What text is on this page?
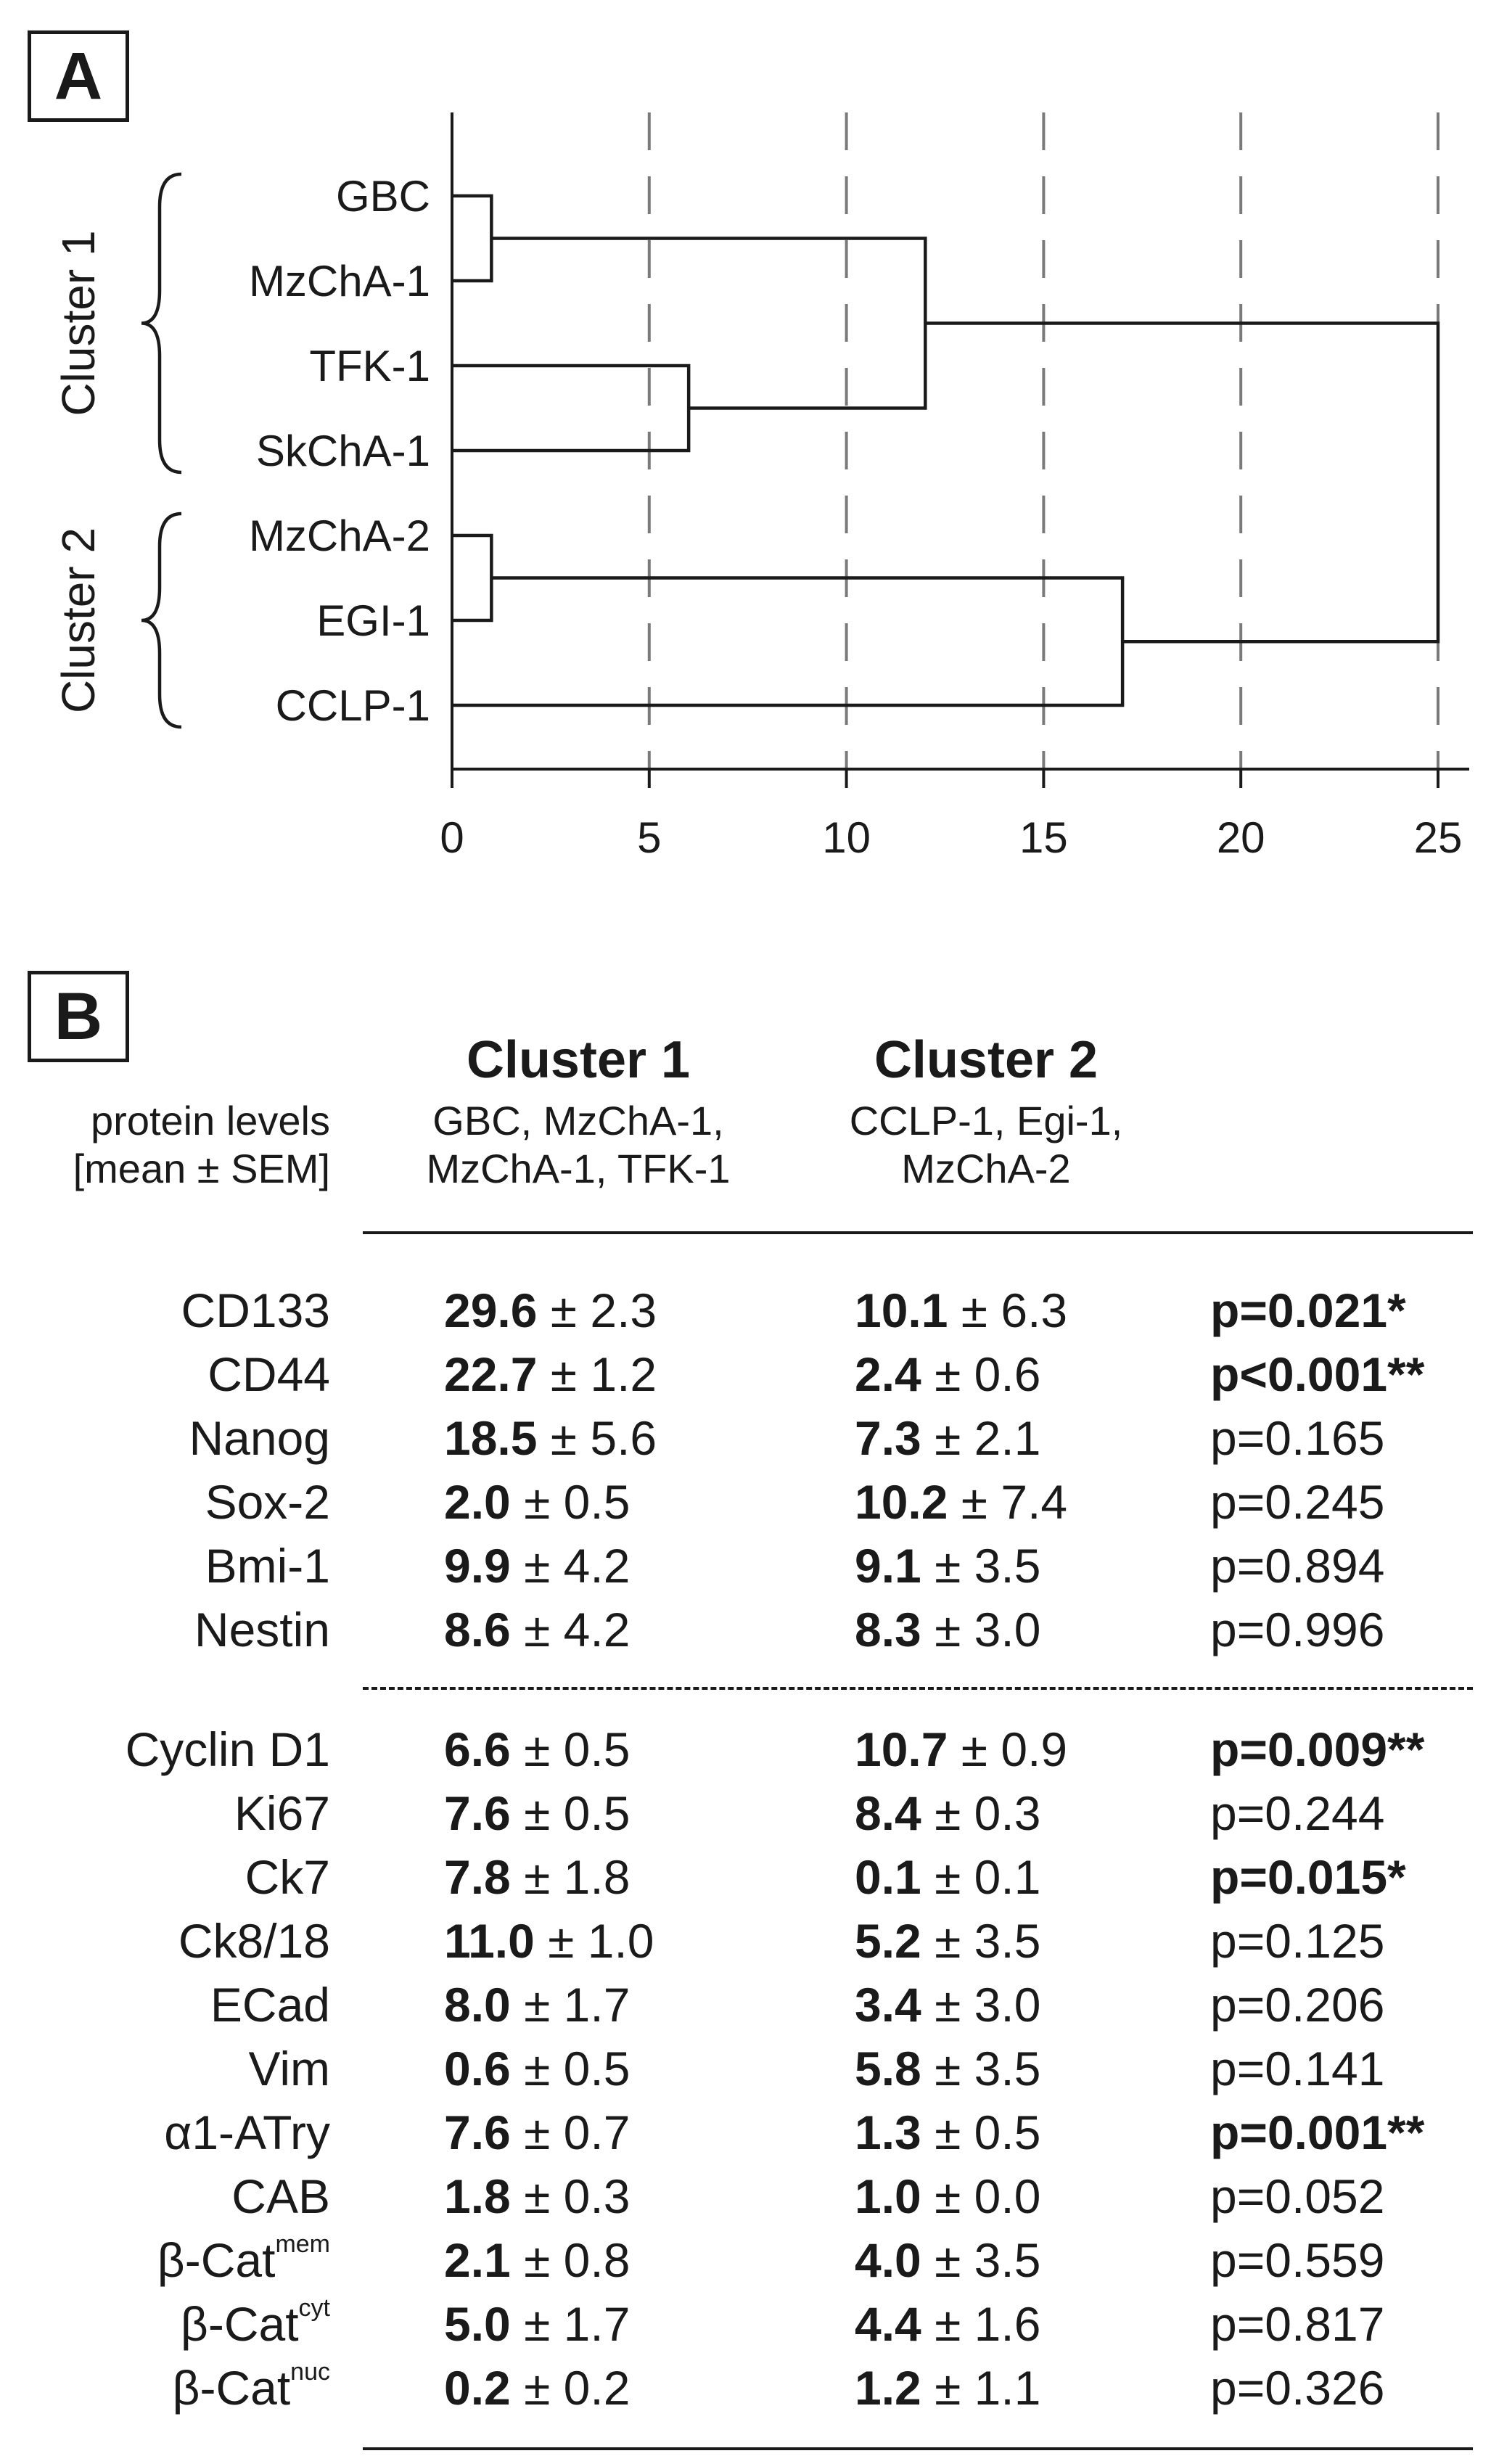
A
0	5	10	15	20	25
GBC
MzChA-1
TFK-1
SkChA-1
MzChA-2
EGI-1
CCLP-1
Cluster 1
Cluster 2
B
Cluster 1	Cluster 2
protein levels
[mean ± SEM]
GBC, MzChA-1,
MzChA-1, TFK-1
CCLP-1, Egi-1,
MzChA-2
CD133 29.6 ± 2.3	10.1 ± 6.3	p=0.021*
CD44 22.7 ± 1.2	2.4 ± 0.6	p<0.001**
Nanog 18.5 ± 5.6	7.3 ± 2.1	p=0.165
Sox-2 2.0 ± 0.5	10.2 ± 7.4	p=0.245
Bmi-1 9.9 ± 4.2	9.1 ± 3.5	p=0.894
Nestin 8.6 ± 4.2	8.3 ± 3.0	p=0.996
Cyclin D1 6.6 ± 0.5	10.7 ± 0.9	p=0.009**
Ki67 7.6 ± 0.5	8.4 ± 0.3	p=0.244
Ck7 7.8 ± 1.8	0.1 ± 0.1	p=0.015*
Ck8/18 11.0 ± 1.0	5.2 ± 3.5	p=0.125
ECad 8.0 ± 1.7	3.4 ± 3.0	p=0.206
Vim 0.6 ± 0.5	5.8 ± 3.5	p=0.141
α1-ATry 7.6 ± 0.7	1.3 ± 0.5	p=0.001**
CAB 1.8 ± 0.3	1.0 ± 0.0	p=0.052
β-Cat$^{mem}$ 2.1 ± 0.8	4.0 ± 3.5	p=0.559
β-Cat$^{cyt}$ 5.0 ± 1.7	4.4 ± 1.6	p=0.817
β-Cat$^{nuc}$ 0.2 ± 0.2	1.2 ± 1.1	p=0.326
